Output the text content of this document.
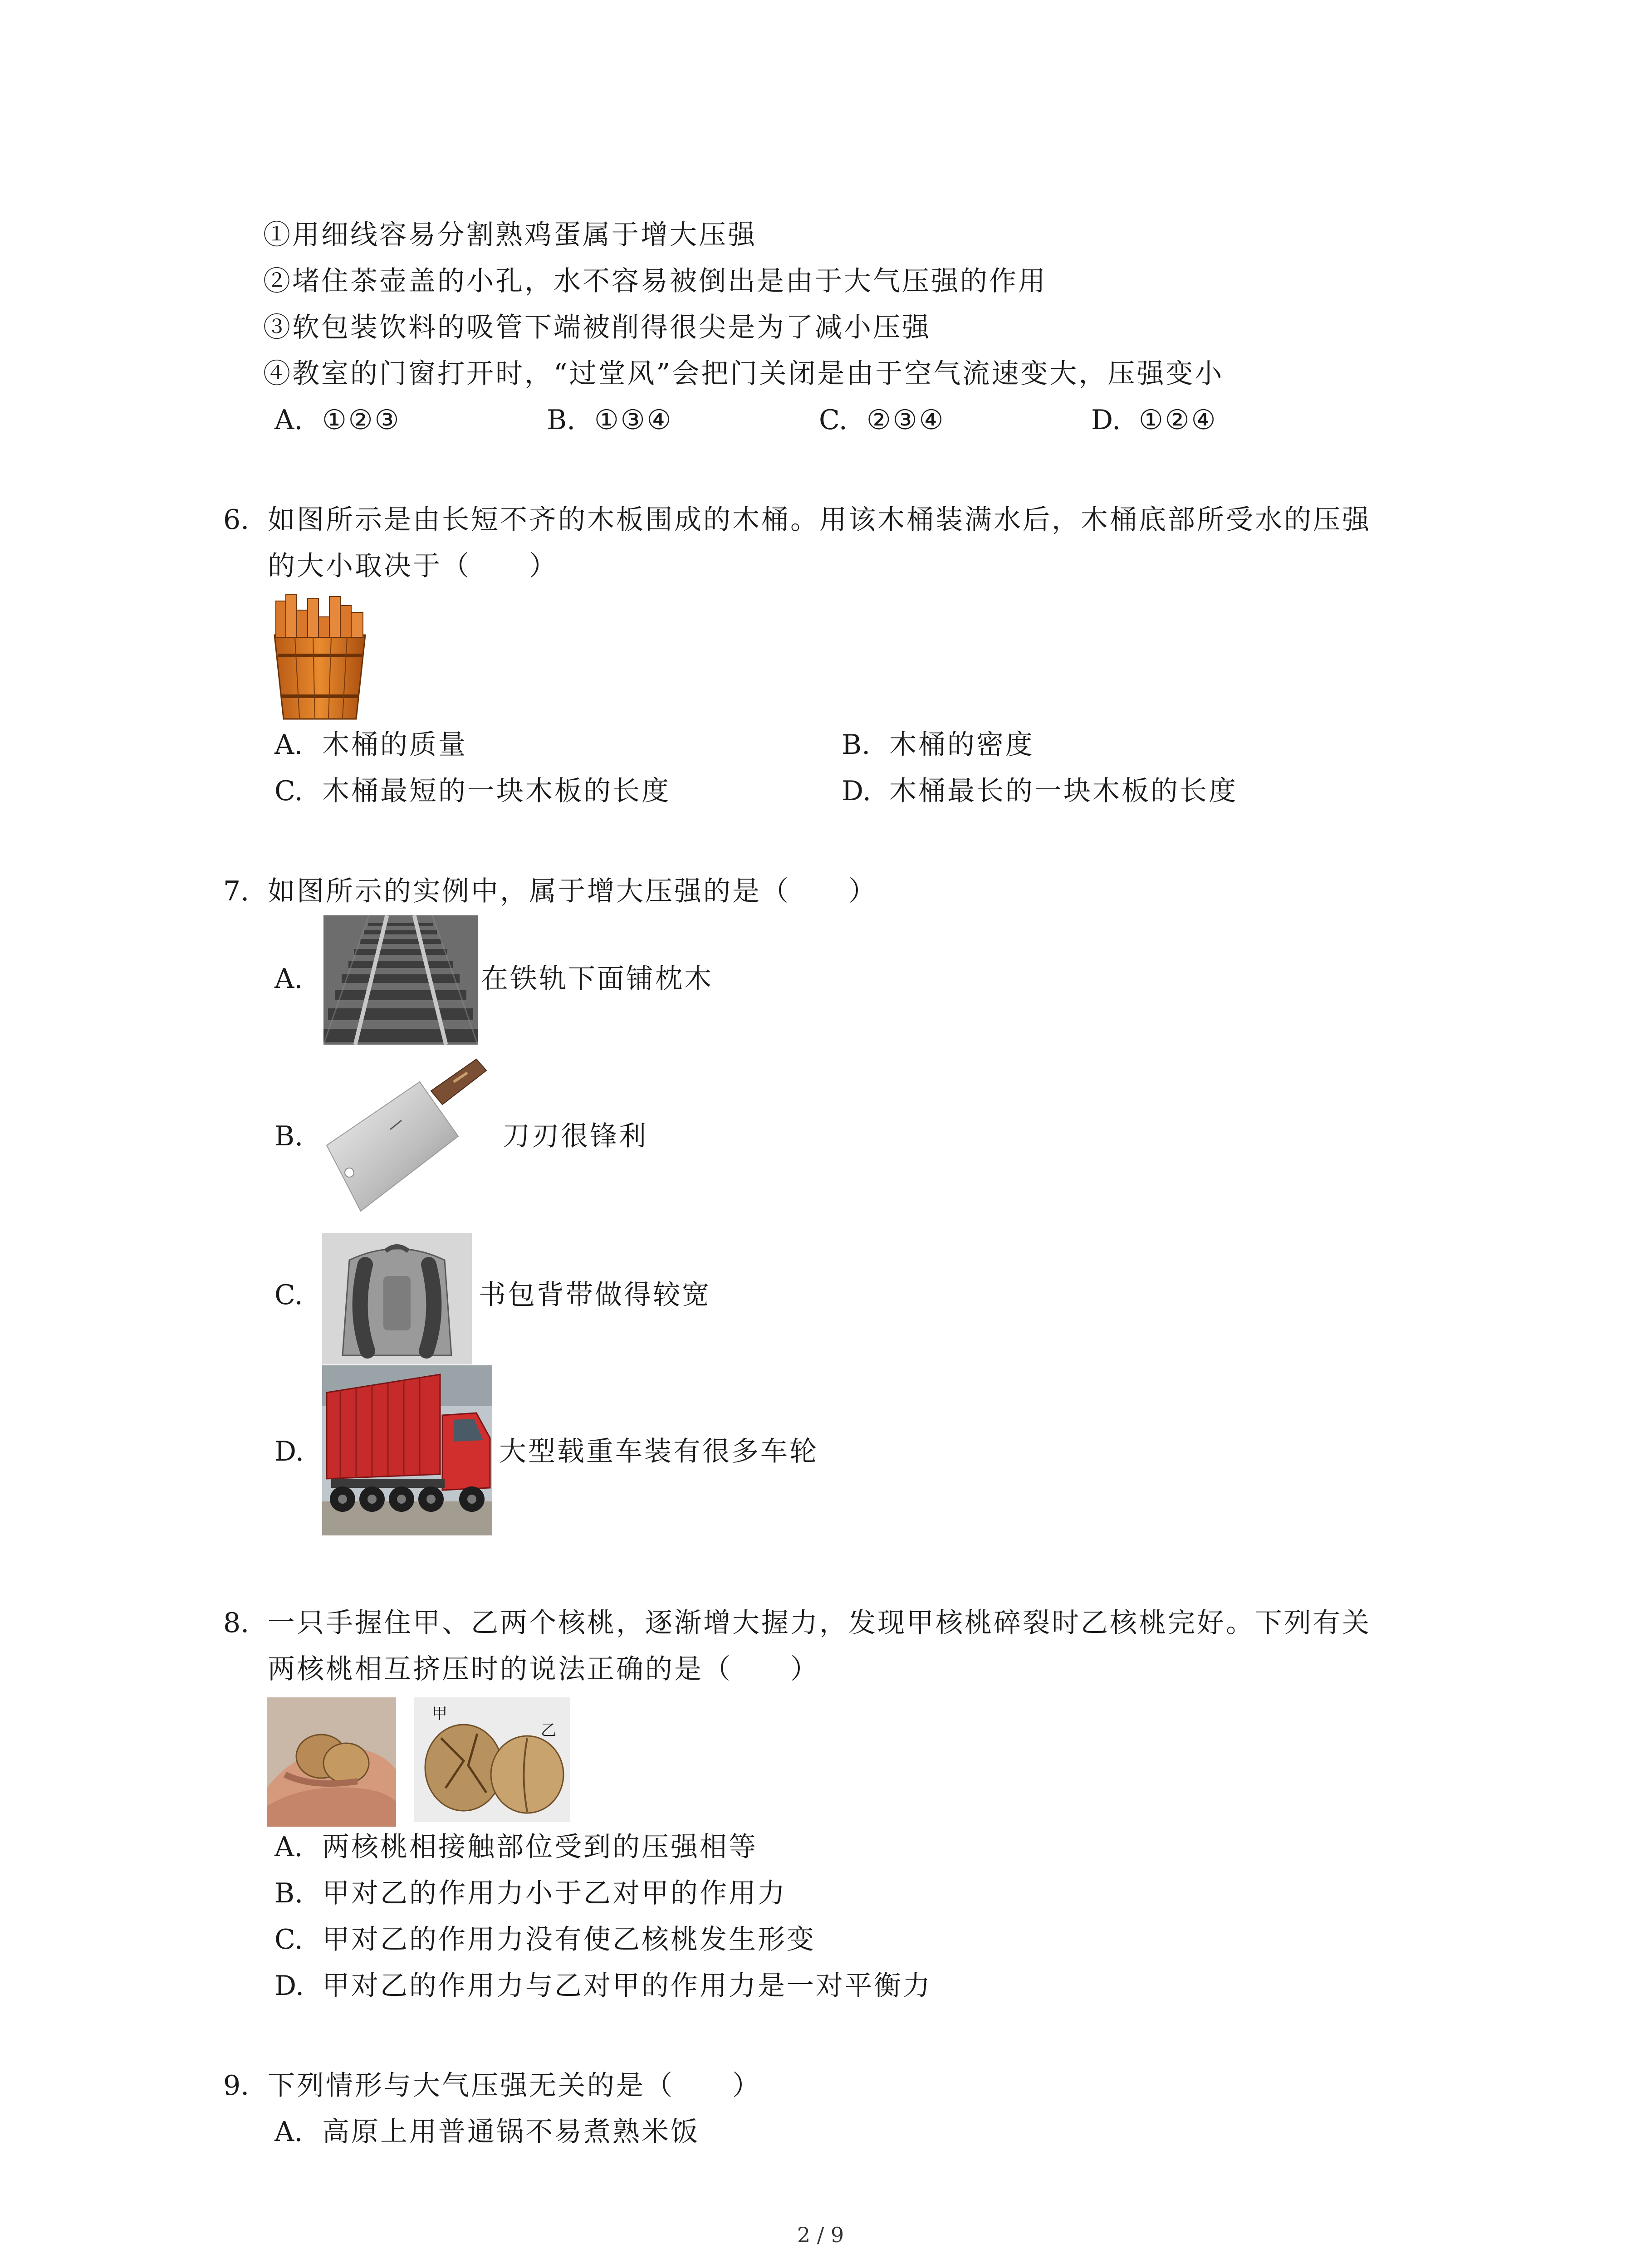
①用细线容易分割熟鸡蛋属于增大压强
②堵住茶壶盖的小孔，水不容易被倒出是由于大气压强的作用
③软包装饮料的吸管下端被削得很尖是为了减小压强
④教室的门窗打开时，“过堂风”会把门关闭是由于空气流速变大，压强变小
A. ①②③	B. ①③④	C. ②③④	D. ①②④
6. 如图所示是由长短不齐的木板围成的木桶。用该木桶装满水后，木桶底部所受水的压强
的大小取决于（　　）
A. 木桶的质量	B. 木桶的密度
C. 木桶最短的一块木板的长度	D. 木桶最长的一块木板的长度
7. 如图所示的实例中，属于增大压强的是（　　）
A.	在铁轨下面铺枕木
B.	刀刃很锋利
C.	书包背带做得较宽
D.	大型载重车装有很多车轮
8. 一只手握住甲、乙两个核桃，逐渐增大握力，发现甲核桃碎裂时乙核桃完好。下列有关
两核桃相互挤压时的说法正确的是（　　）
甲
乙
A. 两核桃相接触部位受到的压强相等
B. 甲对乙的作用力小于乙对甲的作用力
C. 甲对乙的作用力没有使乙核桃发生形变
D. 甲对乙的作用力与乙对甲的作用力是一对平衡力
9. 下列情形与大气压强无关的是（　　）
A. 高原上用普通锅不易煮熟米饭
2 / 9
